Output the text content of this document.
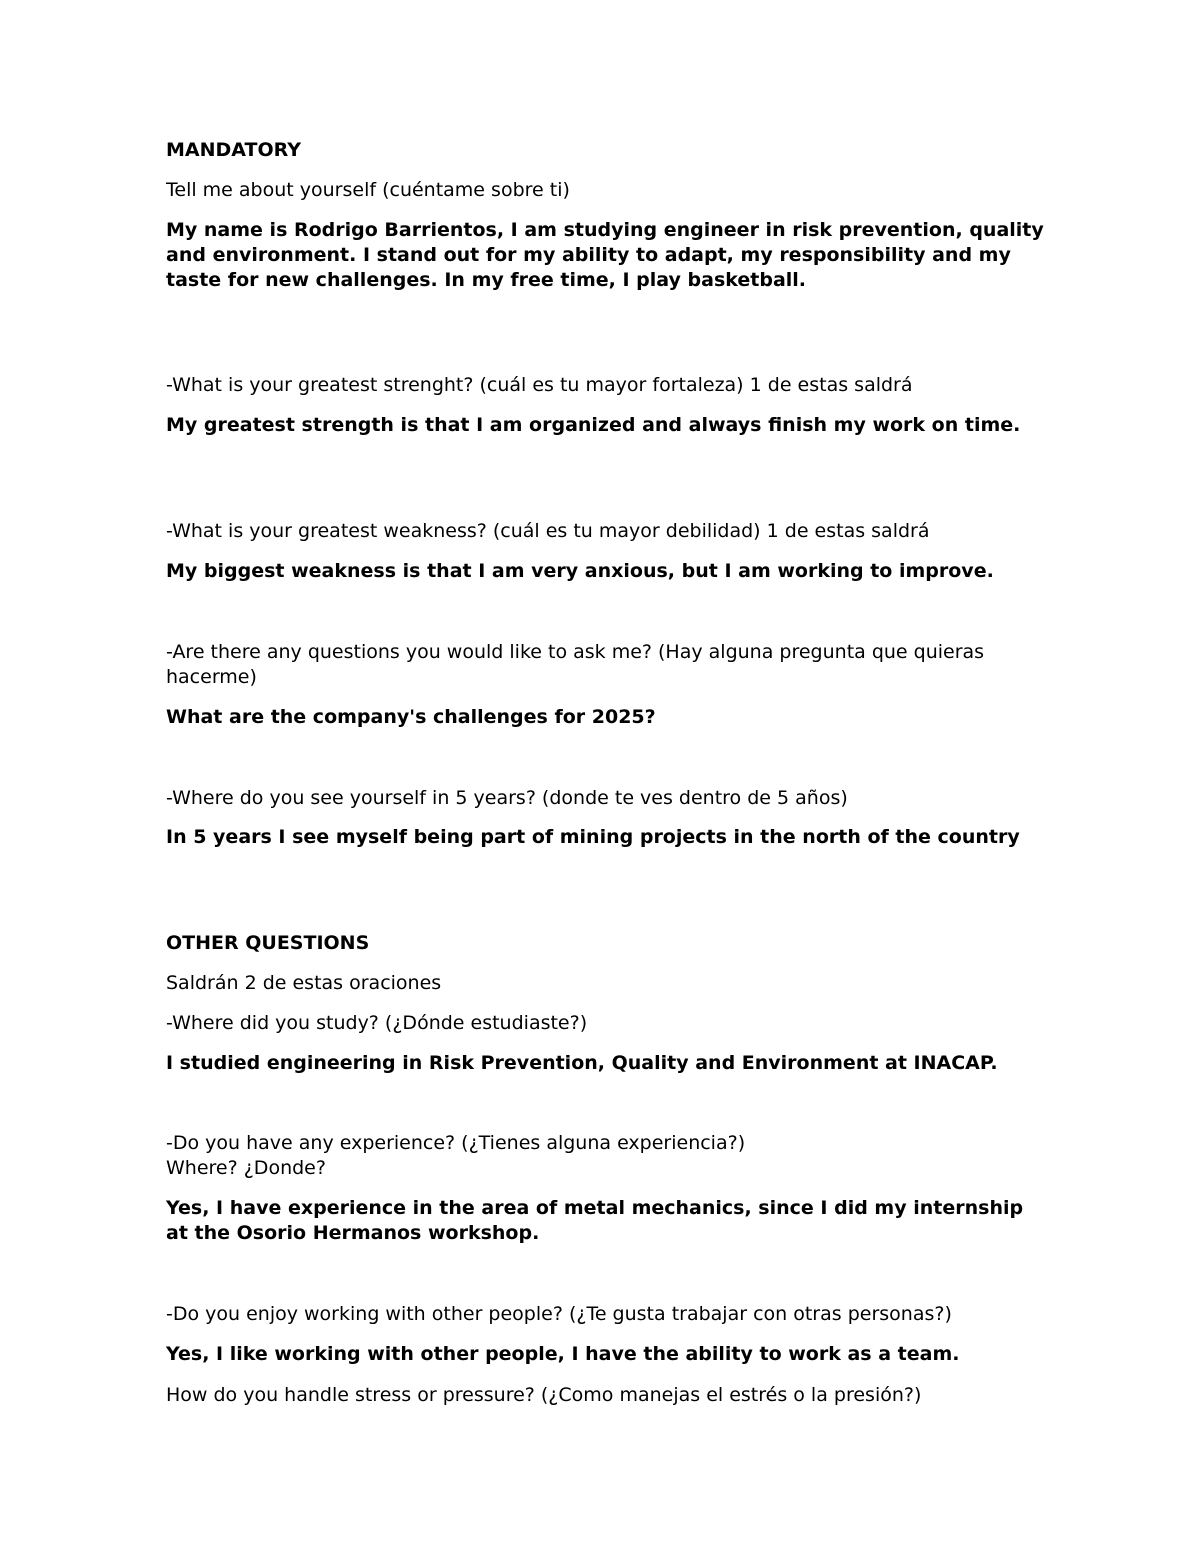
MANDATORY

Tell me about yourself (cuéntame sobre ti)

My name is Rodrigo Barrientos, I am studying engineer in risk prevention, quality and environment. I stand out for my ability to adapt, my responsibility and my taste for new challenges. In my free time, I play basketball.

-What is your greatest strenght? (cuál es tu mayor fortaleza) 1 de estas saldrá

My greatest strength is that I am organized and always finish my work on time.

-What is your greatest weakness? (cuál es tu mayor debilidad) 1 de estas saldrá

My biggest weakness is that I am very anxious, but I am working to improve.

-Are there any questions you would like to ask me? (Hay alguna pregunta que quieras hacerme)

What are the company's challenges for 2025?

-Where do you see yourself in 5 years? (donde te ves dentro de 5 años)

In 5 years I see myself being part of mining projects in the north of the country

OTHER QUESTIONS

Saldrán 2 de estas oraciones

-Where did you study? (¿Dónde estudiaste?)

I studied engineering in Risk Prevention, Quality and Environment at INACAP.

-Do you have any experience? (¿Tienes alguna experiencia?)

Where? ¿Donde?

Yes, I have experience in the area of metal mechanics, since I did my internship at the Osorio Hermanos workshop.

-Do you enjoy working with other people? (¿Te gusta trabajar con otras personas?)

Yes, I like working with other people, I have the ability to work as a team.

How do you handle stress or pressure? (¿Como manejas el estrés o la presión?)
